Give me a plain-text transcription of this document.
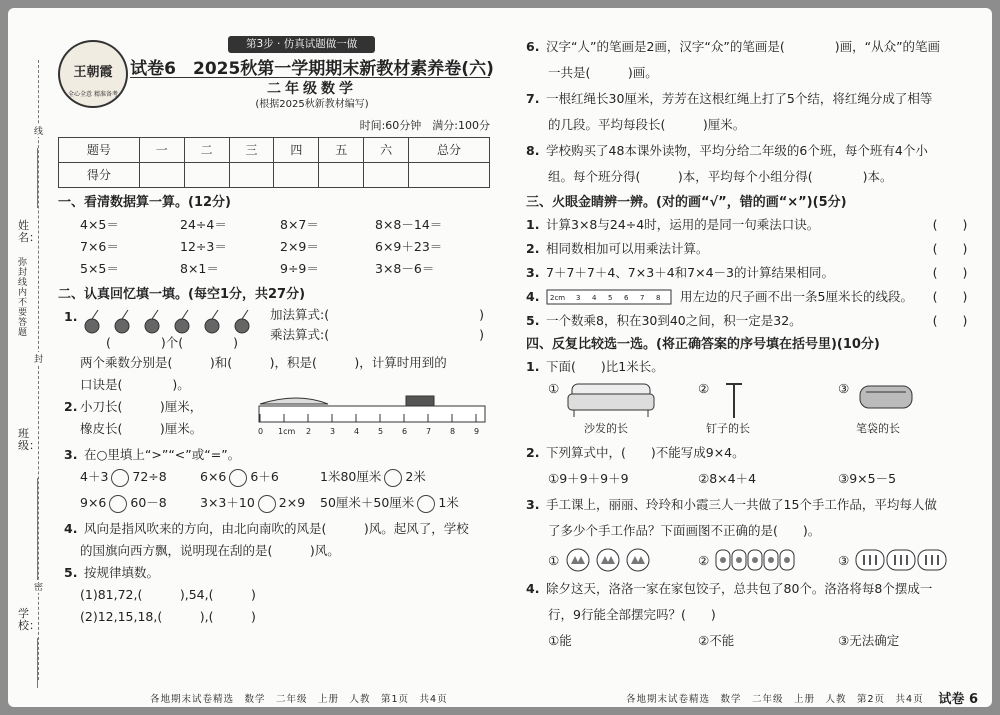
姓名：
弥封线内不要答题
班级：
学校：
线
封
密
王朝霞
全心全意 精准备考
第3步 · 仿真试题做一做
试卷6　2025秋第一学期期末新教材素养卷(六)
二年级数学
(根据2025秋新教材编写)
时间:60分钟　满分:100分
题号	一	二	三	四	五	六	总分
得分							
一、看清数据算一算。(12分)
4×5＝	24÷4＝	8×7＝	8×8－14＝
7×6＝	12÷3＝	2×9＝	6×9＋23＝
5×5＝	8×1＝	9÷9＝	3×8－6＝
二、认真回忆填一填。(每空1分，共27分)
1.
(　　　　)个(　　　　)
加法算式:(　　　　　　　　　　　　)
乘法算式:(　　　　　　　　　　　　)
两个乘数分别是(　　　)和(　　　)，积是(　　　)，计算时用到的
口诀是(　　　　)。
2. 小刀长(　　　)厘米，
橡皮长(　　　)厘米。	0 1cm 2 3 4 5 6 7 8 9
3. 在○里填上“>”“<”或“=”。
4＋3 72÷8	6×6 6＋6	1米80厘米 2米
9×6 60－8	3×3＋10 2×9	50厘米＋50厘米 1米
4. 风向是指风吹来的方向，由北向南吹的风是(　　　)风。起风了，学校
的国旗向西方飘，说明现在刮的是(　　　)风。
5. 按规律填数。
(1)81,72,(　　　),54,(　　　)
(2)12,15,18,(　　　),(　　　)
各地期末试卷精选　数学　二年级　上册　人教　第1页　共4页
6. 汉字“人”的笔画是2画，汉字“众”的笔画是(　　　　)画，“从众”的笔画
一共是(　　　)画。
7. 一根红绳长30厘米，芳芳在这根红绳上打了5个结，将红绳分成了相等
的几段。平均每段长(　　　)厘米。
8. 学校购买了48本课外读物，平均分给二年级的6个班，每个班有4个小
组。每个班分得(　　　)本，平均每个小组分得(　　　　)本。
三、火眼金睛辨一辨。(对的画“√”，错的画“×”)(5分)
1. 计算3×8与24÷4时，运用的是同一句乘法口诀。	(　　)
2. 相同数相加可以用乘法计算。	(　　)
3. 7＋7＋7＋4、7×3＋4和7×4－3的计算结果相同。	(　　)
4. 2cm 3 4 5 6 7 8 用左边的尺子画不出一条5厘米长的线段。	(　　)
5. 一个数乘8，积在30到40之间，积一定是32。	(　　)
四、反复比较选一选。(将正确答案的序号填在括号里)(10分)
1. 下面(　　)比1米长。
①
沙发的长
②
钉子的长
③
笔袋的长
2. 下列算式中，(　　)不能写成9×4。
①9＋9＋9＋9	②8×4＋4	③9×5－5
3. 手工课上，丽丽、玲玲和小霞三人一共做了15个手工作品，平均每人做
了多少个手工作品？下面画图不正确的是(　　)。
①	②	③
4. 除夕这天，洛洛一家在家包饺子，总共包了80个。洛洛将每8个摆成一
行，9行能全部摆完吗？(　　)
①能	②不能	③无法确定
各地期末试卷精选　数学　二年级　上册　人教　第2页　共4页 试卷 6
